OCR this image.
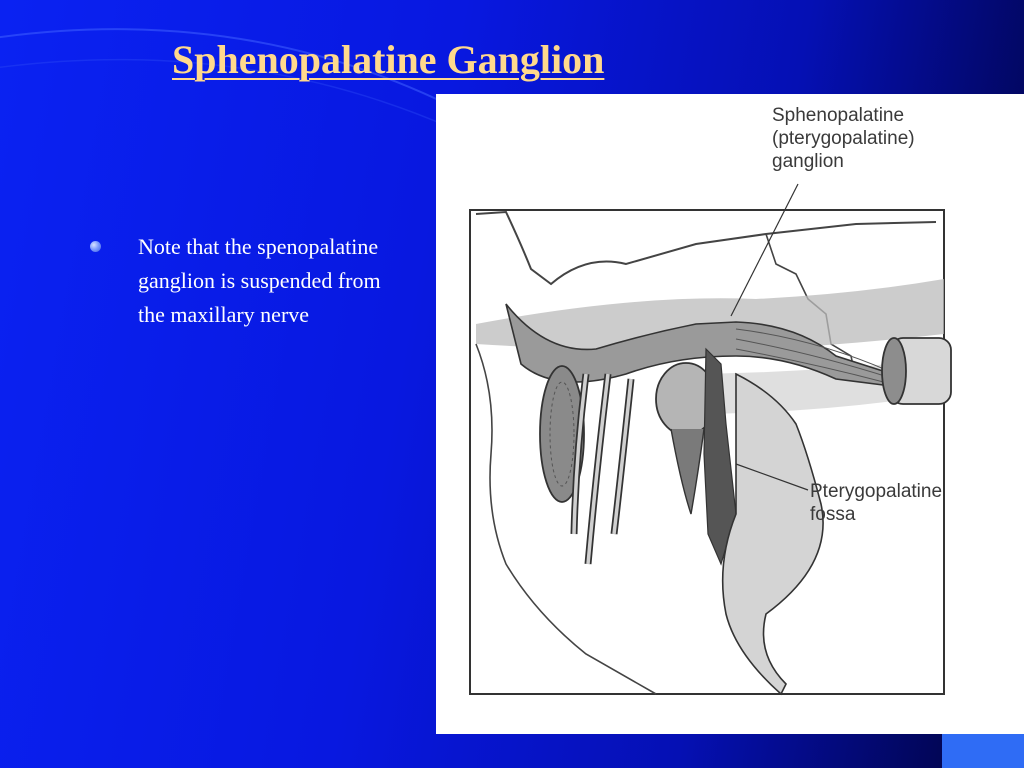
Sphenopalatine Ganglion
Note that the spenopalatine ganglion is suspended from the maxillary nerve
Sphenopalatine (pterygopalatine) ganglion
Pterygopalatine fossa
